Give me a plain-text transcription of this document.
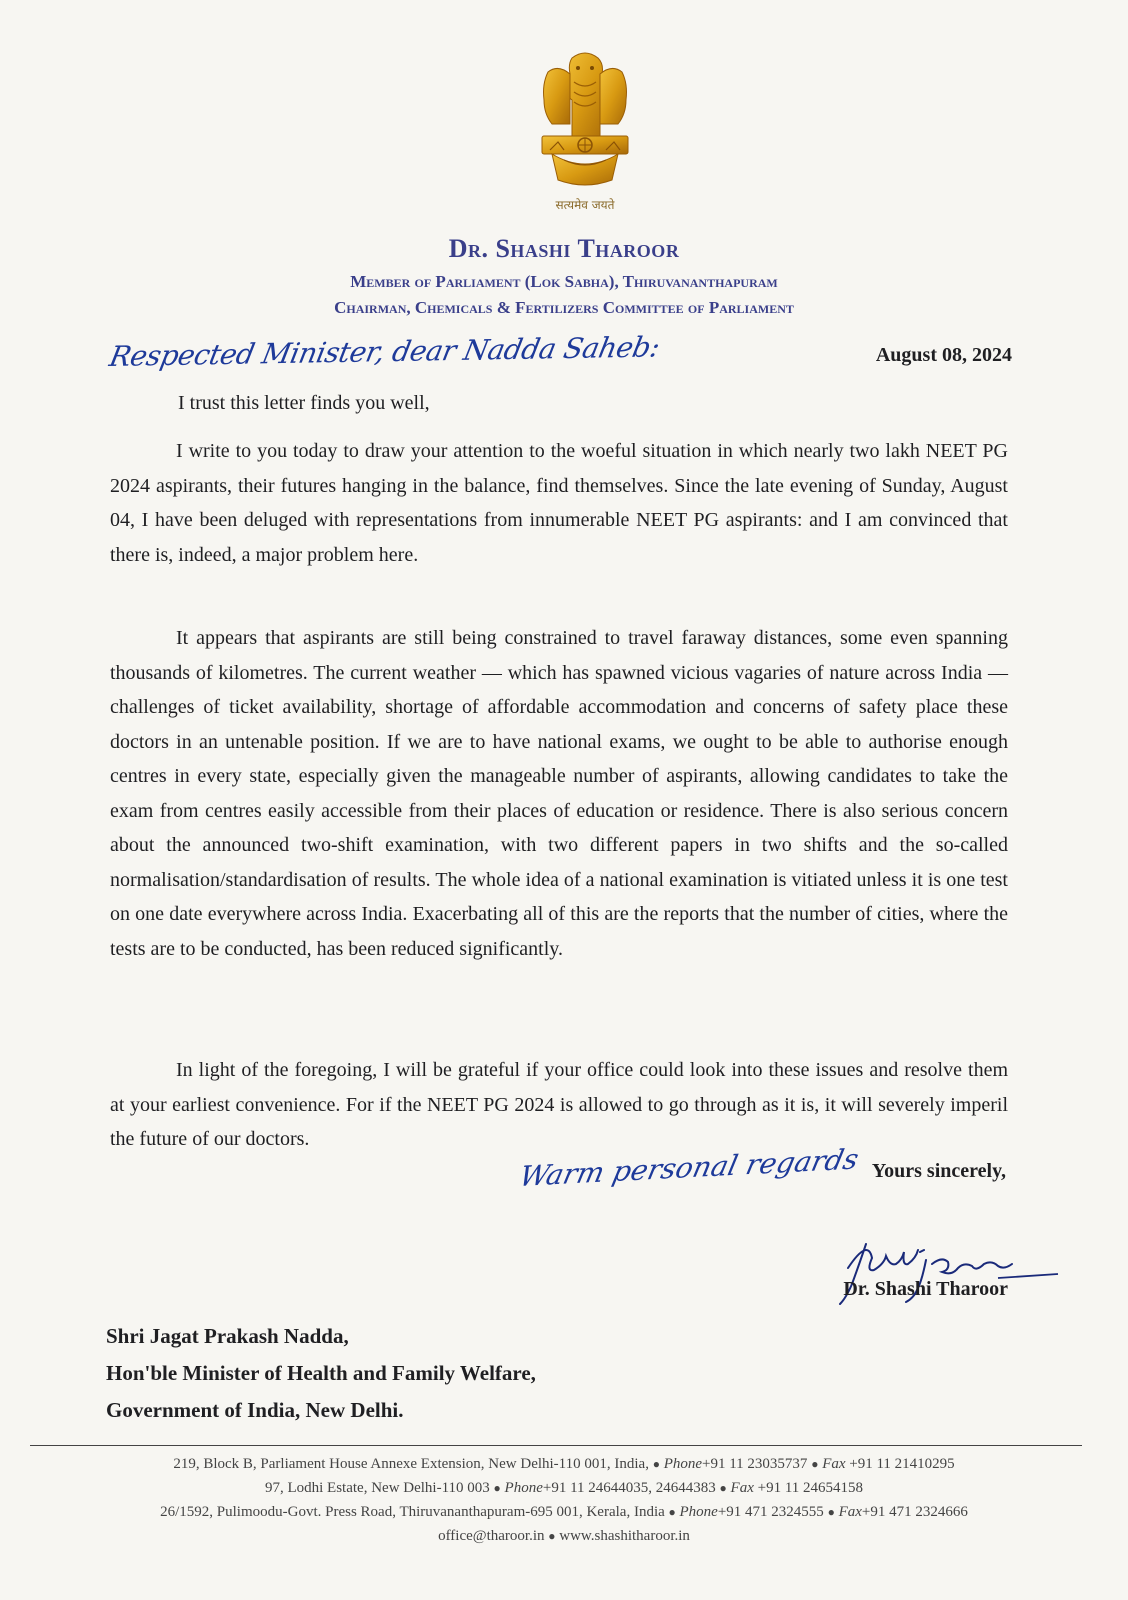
सत्यमेव जयते
Dr. Shashi Tharoor
Member of Parliament (Lok Sabha), Thiruvananthapuram
Chairman, Chemicals & Fertilizers Committee of Parliament
Respected Minister, dear Nadda Saheb:	August 08, 2024
I trust this letter finds you well,

I write to you today to draw your attention to the woeful situation in which nearly two lakh NEET PG 2024 aspirants, their futures hanging in the balance, find themselves. Since the late evening of Sunday, August 04, I have been deluged with representations from innumerable NEET PG aspirants: and I am convinced that there is, indeed, a major problem here.

It appears that aspirants are still being constrained to travel faraway distances, some even spanning thousands of kilometres. The current weather — which has spawned vicious vagaries of nature across India — challenges of ticket availability, shortage of affordable accommodation and concerns of safety place these doctors in an untenable position. If we are to have national exams, we ought to be able to authorise enough centres in every state, especially given the manageable number of aspirants, allowing candidates to take the exam from centres easily accessible from their places of education or residence. There is also serious concern about the announced two-shift examination, with two different papers in two shifts and the so-called normalisation/standardisation of results. The whole idea of a national examination is vitiated unless it is one test on one date everywhere across India. Exacerbating all of this are the reports that the number of cities, where the tests are to be conducted, has been reduced significantly.

In light of the foregoing, I will be grateful if your office could look into these issues and resolve them at your earliest convenience. For if the NEET PG 2024 is allowed to go through as it is, it will severely imperil the future of our doctors.

Warm personal regards Yours sincerely,
Dr. Shashi Tharoor
Shri Jagat Prakash Nadda,
Hon'ble Minister of Health and Family Welfare,
Government of India, New Delhi.
219, Block B, Parliament House Annexe Extension, New Delhi-110 001, India, ● Phone+91 11 23035737 ● Fax +91 11 21410295
97, Lodhi Estate, New Delhi-110 003 ● Phone+91 11 24644035, 24644383 ● Fax +91 11 24654158
26/1592, Pulimoodu-Govt. Press Road, Thiruvananthapuram-695 001, Kerala, India ● Phone+91 471 2324555 ● Fax+91 471 2324666
office@tharoor.in ● www.shashitharoor.in
